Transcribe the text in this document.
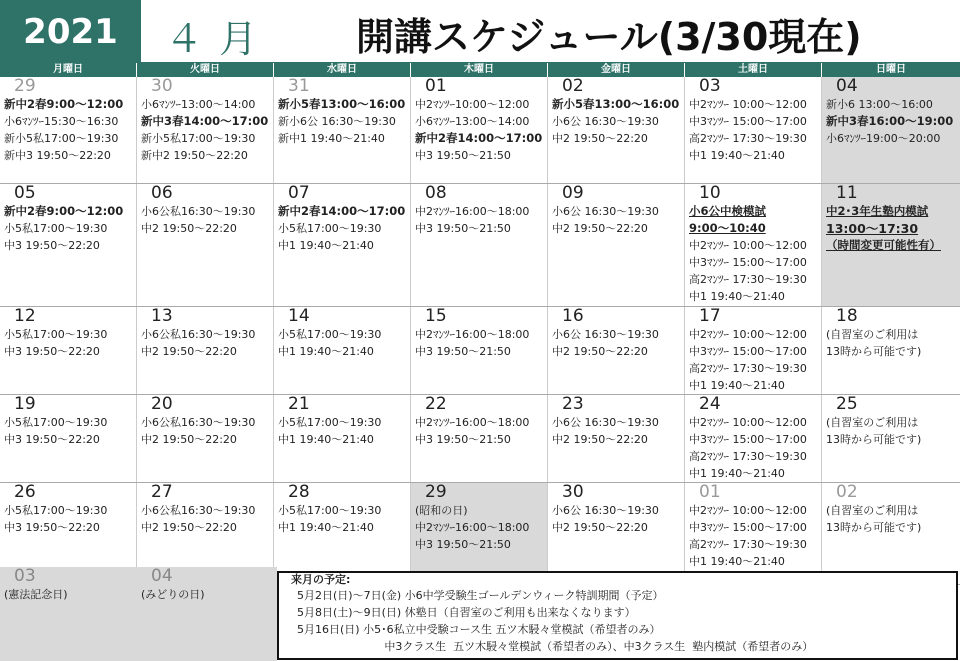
2021	４ 月	開講スケジュール(3/30現在)
月曜日	火曜日	水曜日	木曜日	金曜日	土曜日	日曜日
29
新中2春9:00～12:00
小6ﾏﾝﾂｰ15:30～16:30
新小5私17:00～19:30
新中3 19:50～22:20
30
小6ﾏﾝﾂｰ13:00～14:00
新中3春14:00～17:00
新小5私17:00～19:30
新中2 19:50～22:20
31
新小5春13:00～16:00
新小6公 16:30～19:30
新中1 19:40～21:40
01
中2ﾏﾝﾂｰ10:00～12:00
小6ﾏﾝﾂｰ13:00～14:00
新中2春14:00～17:00
中3 19:50～21:50
02
新小5春13:00～16:00
小6公 16:30～19:30
中2 19:50～22:20
03
中2ﾏﾝﾂｰ 10:00～12:00
中3ﾏﾝﾂｰ 15:00～17:00
高2ﾏﾝﾂｰ 17:30～19:30
中1 19:40～21:40
04
新小6 13:00～16:00
新中3春16:00～19:00
小6ﾏﾝﾂｰ19:00～20:00
05
新中2春9:00～12:00
小5私17:00～19:30
中3 19:50～22:20
06
小6公私16:30～19:30
中2 19:50～22:20
07
新中2春14:00～17:00
小5私17:00～19:30
中1 19:40～21:40
08
中2ﾏﾝﾂｰ16:00～18:00
中3 19:50～21:50
09
小6公 16:30～19:30
中2 19:50～22:20
10
小6公中検模試
9:00～10:40
中2ﾏﾝﾂｰ 10:00～12:00
中3ﾏﾝﾂｰ 15:00～17:00
高2ﾏﾝﾂｰ 17:30～19:30
中1 19:40～21:40
11
中2･3年生塾内模試
13:00～17:30
（時間変更可能性有）
12
小5私17:00～19:30
中3 19:50～22:20
13
小6公私16:30～19:30
中2 19:50～22:20
14
小5私17:00～19:30
中1 19:40～21:40
15
中2ﾏﾝﾂｰ16:00～18:00
中3 19:50～21:50
16
小6公 16:30～19:30
中2 19:50～22:20
17
中2ﾏﾝﾂｰ 10:00～12:00
中3ﾏﾝﾂｰ 15:00～17:00
高2ﾏﾝﾂｰ 17:30～19:30
中1 19:40～21:40
18
(自習室のご利用は
13時から可能です)
19
小5私17:00～19:30
中3 19:50～22:20
20
小6公私16:30～19:30
中2 19:50～22:20
21
小5私17:00～19:30
中1 19:40～21:40
22
中2ﾏﾝﾂｰ16:00～18:00
中3 19:50～21:50
23
小6公 16:30～19:30
中2 19:50～22:20
24
中2ﾏﾝﾂｰ 10:00～12:00
中3ﾏﾝﾂｰ 15:00～17:00
高2ﾏﾝﾂｰ 17:30～19:30
中1 19:40～21:40
25
(自習室のご利用は
13時から可能です)
26
小5私17:00～19:30
中3 19:50～22:20
27
小6公私16:30～19:30
中2 19:50～22:20
28
小5私17:00～19:30
中1 19:40～21:40
29
(昭和の日)
中2ﾏﾝﾂｰ16:00～18:00
中3 19:50～21:50
30
小6公 16:30～19:30
中2 19:50～22:20
01
中2ﾏﾝﾂｰ 10:00～12:00
中3ﾏﾝﾂｰ 15:00～17:00
高2ﾏﾝﾂｰ 17:30～19:30
中1 19:40～21:40
02
(自習室のご利用は
13時から可能です)
03
(憲法記念日)
04
(みどりの日)
来月の予定:
5月2日(日)～7日(金) 小6中学受験生ゴールデンウィーク特訓期間（予定）
5月8日(土)～9日(日) 休塾日（自習室のご利用も出来なくなります）
5月16日(日) 小5･6私立中受験コース生 五ツ木駸々堂模試（希望者のみ）
中3クラス生  五ツ木駸々堂模試（希望者のみ）、中3クラス生  塾内模試（希望者のみ）
